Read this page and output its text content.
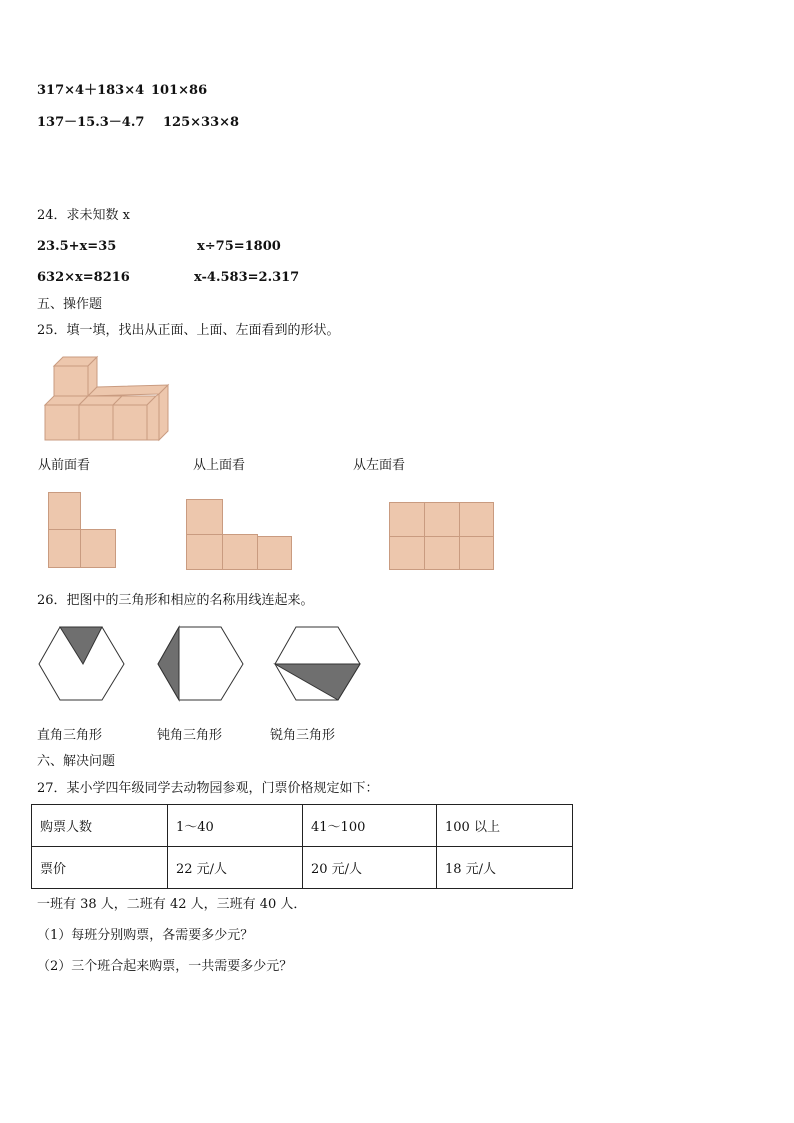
317×4＋183×4 101×86
137－15.3－4.7 125×33×8
24．求未知数 x
23.5+x=35	x÷75=1800
632×x=8216	x-4.583=2.317
五、操作题
25．填一填，找出从正面、上面、左面看到的形状。
从前面看	从上面看	从左面看
26．把图中的三角形和相应的名称用线连起来。
直角三角形	钝角三角形	锐角三角形
六、解决问题
27．某小学四年级同学去动物园参观，门票价格规定如下：
购票人数	1～40	41～100	100 以上
票价	22 元/人	20 元/人	18 元/人
一班有 38 人，二班有 42 人，三班有 40 人．
（1）每班分别购票，各需要多少元？
（2）三个班合起来购票，一共需要多少元？
